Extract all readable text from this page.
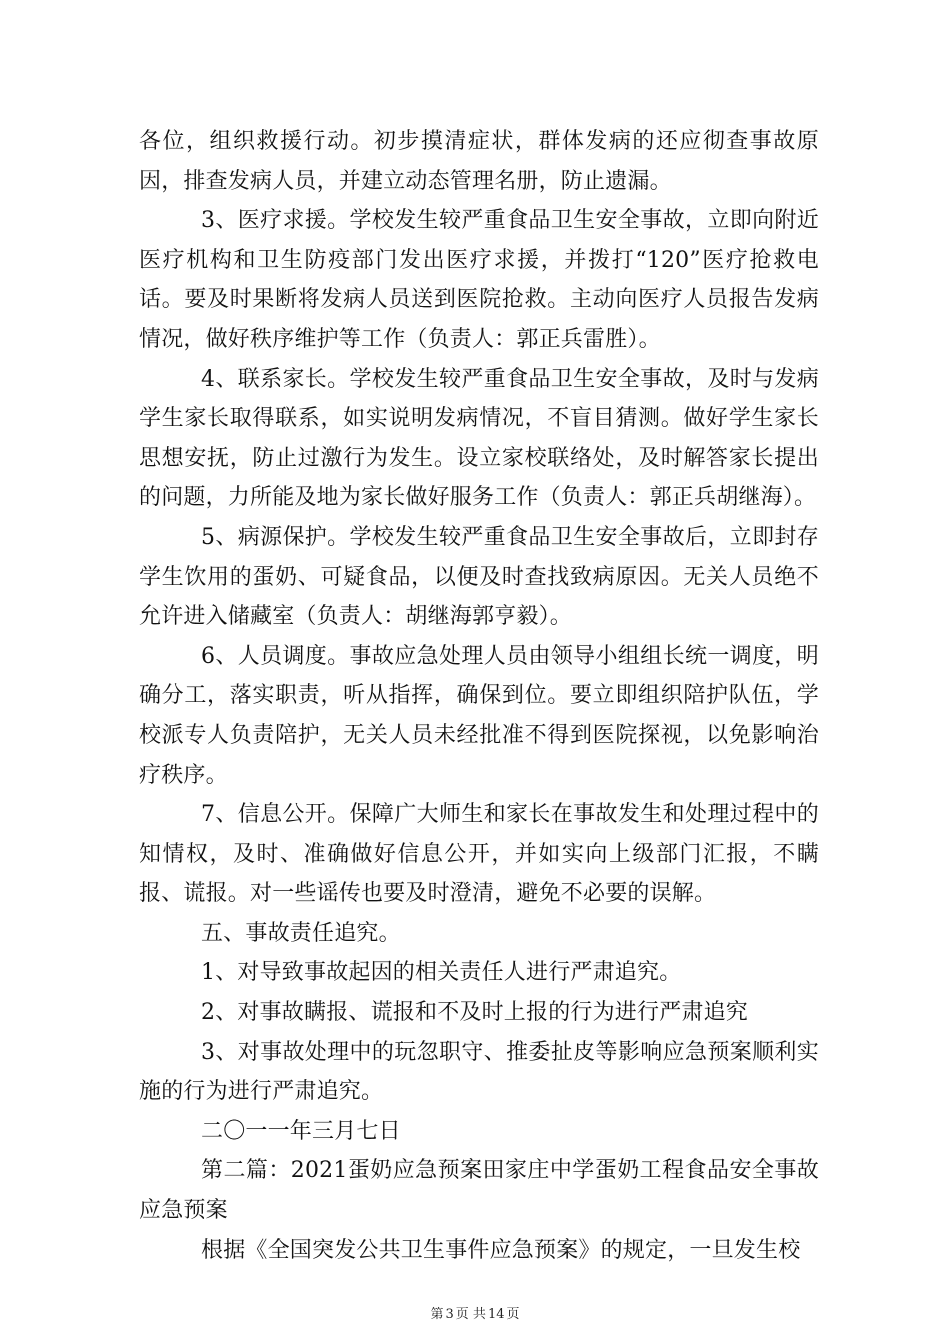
各位，组织救援行动。初步摸清症状，群体发病的还应彻查事故原因，排查发病人员，并建立动态管理名册，防止遗漏。

3、医疗求援。学校发生较严重食品卫生安全事故，立即向附近医疗机构和卫生防疫部门发出医疗求援，并拨打“120”医疗抢救电话。要及时果断将发病人员送到医院抢救。主动向医疗人员报告发病情况，做好秩序维护等工作（负责人：郭正兵雷胜）。

4、联系家长。学校发生较严重食品卫生安全事故，及时与发病学生家长取得联系，如实说明发病情况，不盲目猜测。做好学生家长思想安抚，防止过激行为发生。设立家校联络处，及时解答家长提出的问题，力所能及地为家长做好服务工作（负责人：郭正兵胡继海）。

5、病源保护。学校发生较严重食品卫生安全事故后，立即封存学生饮用的蛋奶、可疑食品，以便及时查找致病原因。无关人员绝不允许进入储藏室（负责人：胡继海郭亨毅）。

6、人员调度。事故应急处理人员由领导小组组长统一调度，明确分工，落实职责，听从指挥，确保到位。要立即组织陪护队伍，学校派专人负责陪护，无关人员未经批准不得到医院探视，以免影响治疗秩序。

7、信息公开。保障广大师生和家长在事故发生和处理过程中的知情权，及时、准确做好信息公开，并如实向上级部门汇报，不瞒报、谎报。对一些谣传也要及时澄清，避免不必要的误解。

五、事故责任追究。

1、对导致事故起因的相关责任人进行严肃追究。

2、对事故瞒报、谎报和不及时上报的行为进行严肃追究

3、对事故处理中的玩忽职守、推委扯皮等影响应急预案顺利实施的行为进行严肃追究。

二〇一一年三月七日

第二篇：2021蛋奶应急预案田家庄中学蛋奶工程食品安全事故应急预案

根据《全国突发公共卫生事件应急预案》的规定，一旦发生校

第 3 页 共 14 页
